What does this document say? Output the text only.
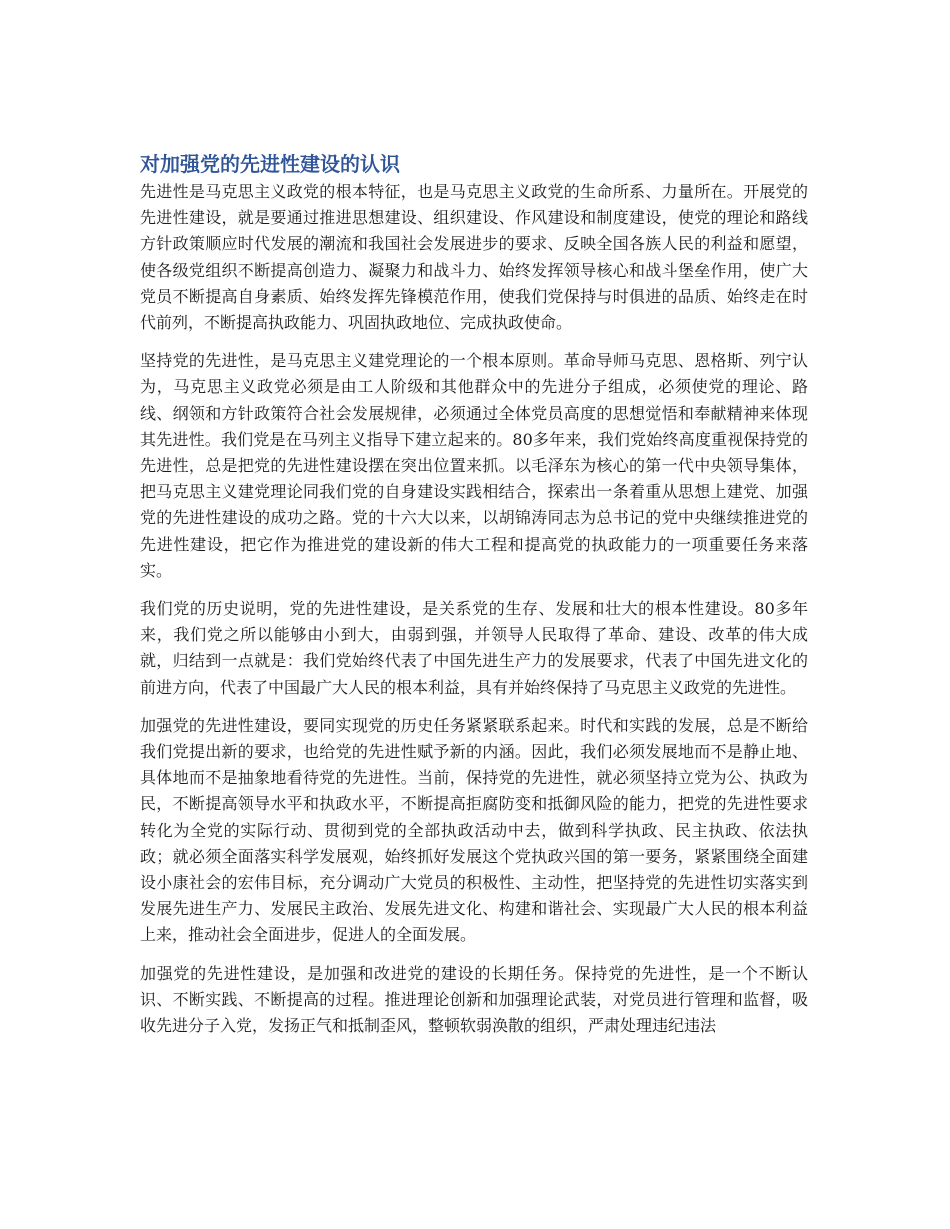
对加强党的先进性建设的认识

先进性是马克思主义政党的根本特征，也是马克思主义政党的生命所系、力量所在。开展党的先进性建设，就是要通过推进思想建设、组织建设、作风建设和制度建设，使党的理论和路线方针政策顺应时代发展的潮流和我国社会发展进步的要求、反映全国各族人民的利益和愿望，使各级党组织不断提高创造力、凝聚力和战斗力、始终发挥领导核心和战斗堡垒作用，使广大党员不断提高自身素质、始终发挥先锋模范作用，使我们党保持与时俱进的品质、始终走在时代前列，不断提高执政能力、巩固执政地位、完成执政使命。

坚持党的先进性，是马克思主义建党理论的一个根本原则。革命导师马克思、恩格斯、列宁认为，马克思主义政党必须是由工人阶级和其他群众中的先进分子组成，必须使党的理论、路线、纲领和方针政策符合社会发展规律，必须通过全体党员高度的思想觉悟和奉献精神来体现其先进性。我们党是在马列主义指导下建立起来的。80多年来，我们党始终高度重视保持党的先进性，总是把党的先进性建设摆在突出位置来抓。以毛泽东为核心的第一代中央领导集体，把马克思主义建党理论同我们党的自身建设实践相结合，探索出一条着重从思想上建党、加强党的先进性建设的成功之路。党的十六大以来，以胡锦涛同志为总书记的党中央继续推进党的先进性建设，把它作为推进党的建设新的伟大工程和提高党的执政能力的一项重要任务来落实。

我们党的历史说明，党的先进性建设，是关系党的生存、发展和壮大的根本性建设。80多年来，我们党之所以能够由小到大，由弱到强，并领导人民取得了革命、建设、改革的伟大成就，归结到一点就是：我们党始终代表了中国先进生产力的发展要求，代表了中国先进文化的前进方向，代表了中国最广大人民的根本利益，具有并始终保持了马克思主义政党的先进性。

加强党的先进性建设，要同实现党的历史任务紧紧联系起来。时代和实践的发展，总是不断给我们党提出新的要求，也给党的先进性赋予新的内涵。因此，我们必须发展地而不是静止地、具体地而不是抽象地看待党的先进性。当前，保持党的先进性，就必须坚持立党为公、执政为民，不断提高领导水平和执政水平，不断提高拒腐防变和抵御风险的能力，把党的先进性要求转化为全党的实际行动、贯彻到党的全部执政活动中去，做到科学执政、民主执政、依法执政；就必须全面落实科学发展观，始终抓好发展这个党执政兴国的第一要务，紧紧围绕全面建设小康社会的宏伟目标，充分调动广大党员的积极性、主动性，把坚持党的先进性切实落实到发展先进生产力、发展民主政治、发展先进文化、构建和谐社会、实现最广大人民的根本利益上来，推动社会全面进步，促进人的全面发展。

加强党的先进性建设，是加强和改进党的建设的长期任务。保持党的先进性，是一个不断认识、不断实践、不断提高的过程。推进理论创新和加强理论武装，对党员进行管理和监督，吸收先进分子入党，发扬正气和抵制歪风，整顿软弱涣散的组织，严肃处理违纪违法
